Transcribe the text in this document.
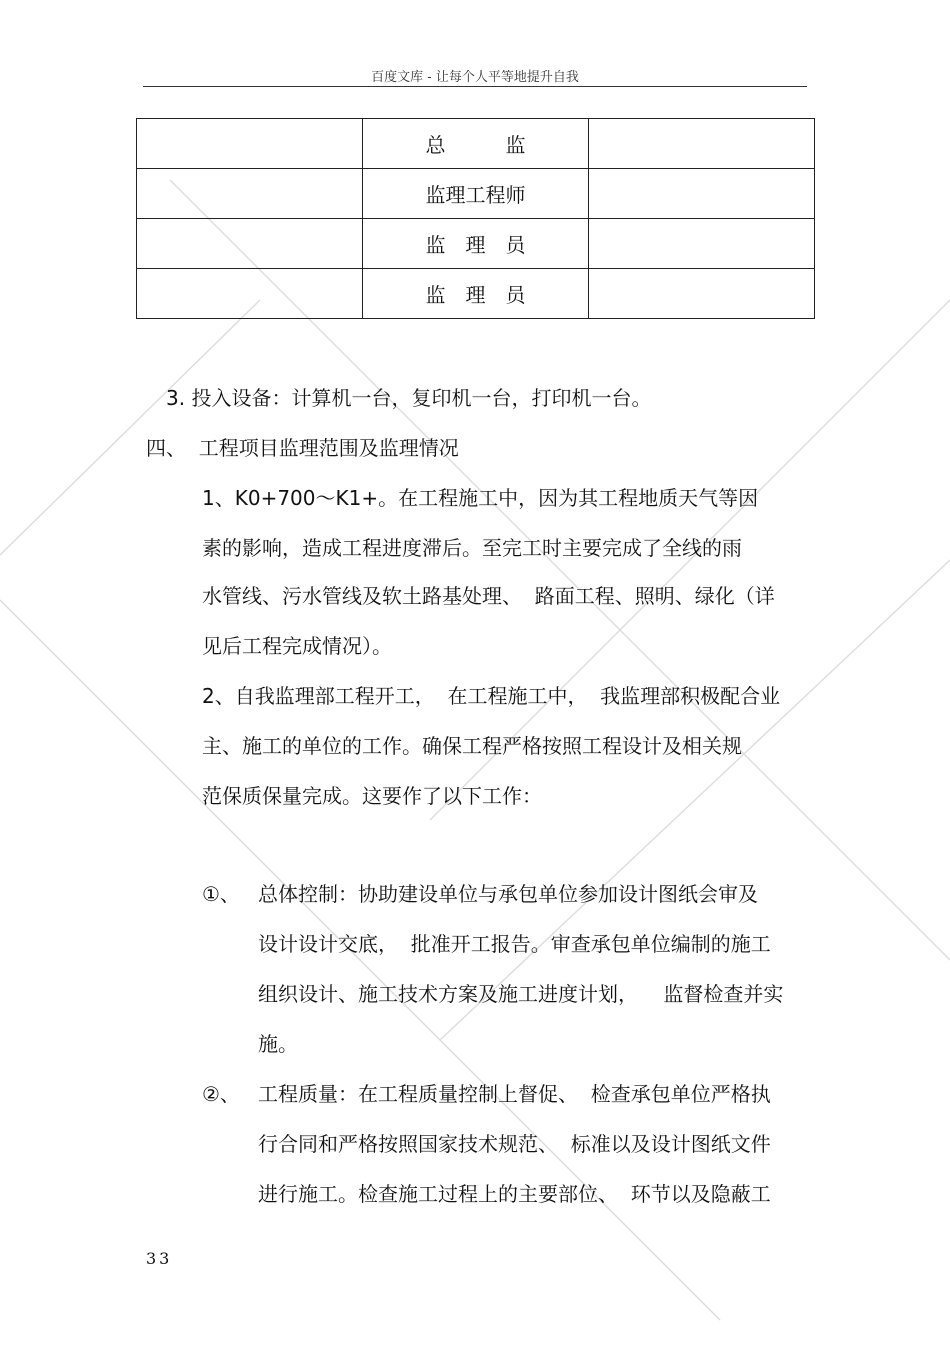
百度文库 - 让每个人平等地提升自我
	总　　　监	
	监理工程师	
	监　理　员	
	监　理　员	
3. 投入设备：计算机一台，复印机一台，打印机一台。
四、  工程项目监理范围及监理情况
1、K0+700～K1+。在工程施工中，因为其工程地质天气等因
素的影响，造成工程进度滞后。至完工时主要完成了全线的雨
水管线、污水管线及软土路基处理、  路面工程、照明、绿化（详
见后工程完成情况）。
2、自我监理部工程开工，  在工程施工中，  我监理部积极配合业
主、施工的单位的工作。确保工程严格按照工程设计及相关规
范保质保量完成。这要作了以下工作：
①、 总体控制：协助建设单位与承包单位参加设计图纸会审及
设计设计交底，  批准开工报告。审查承包单位编制的施工
组织设计、施工技术方案及施工进度计划，    监督检查并实
施。
②、 工程质量：在工程质量控制上督促、  检查承包单位严格执
行合同和严格按照国家技术规范、  标准以及设计图纸文件
进行施工。检查施工过程上的主要部位、  环节以及隐蔽工
33
